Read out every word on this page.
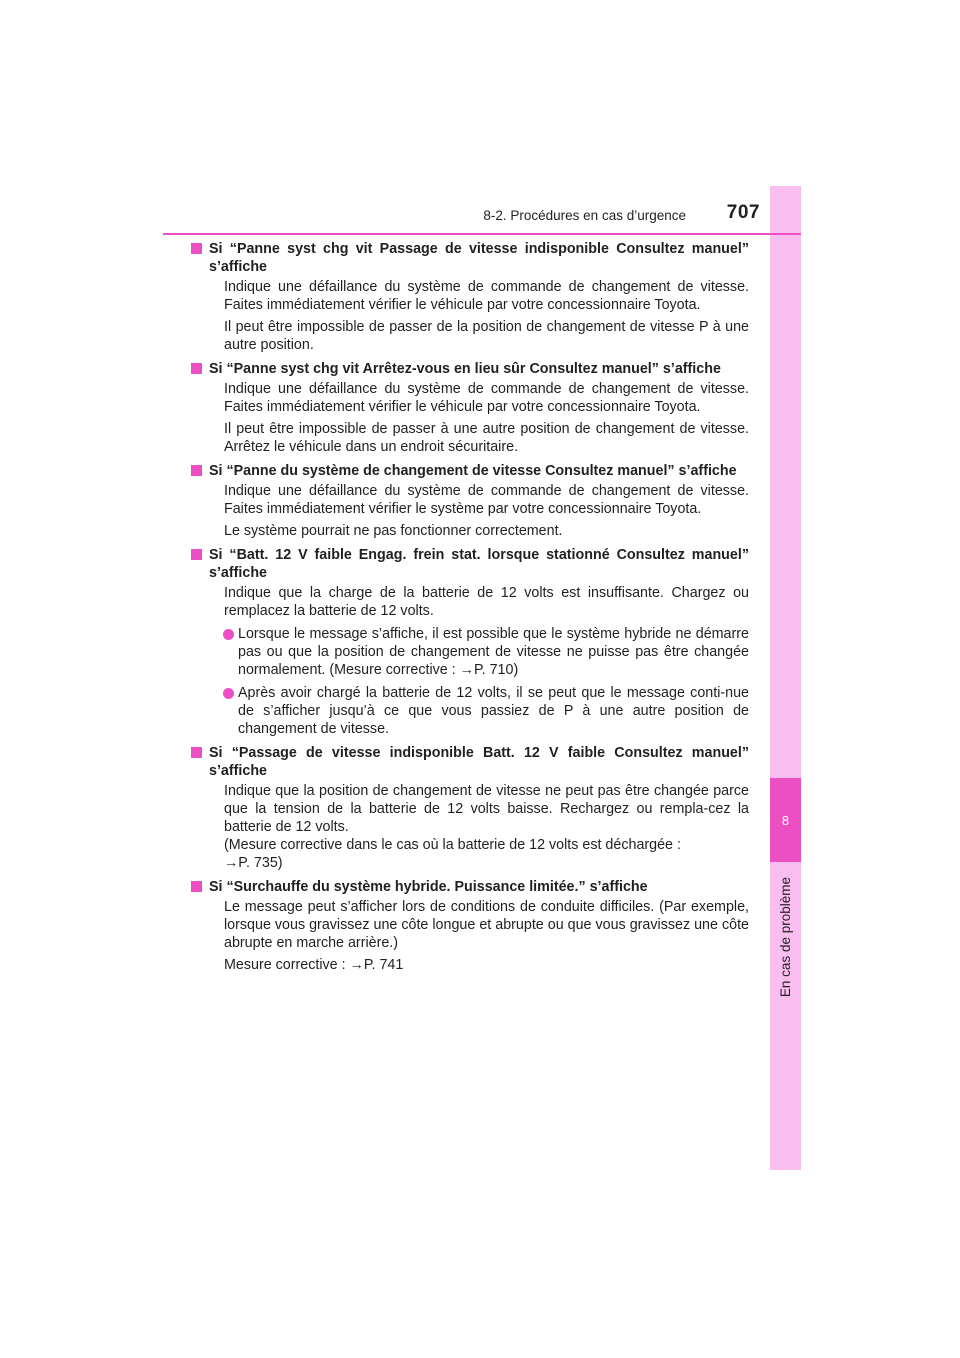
8
En cas de problème
8-2. Procédures en cas d’urgence	707
Si “Panne syst chg vit Passage de vitesse indisponible Consultez manuel” s’affiche
Indique une défaillance du système de commande de changement de vitesse. Faites immédiatement vérifier le véhicule par votre concessionnaire Toyota.
Il peut être impossible de passer de la position de changement de vitesse P à une autre position.
Si “Panne syst chg vit Arrêtez-vous en lieu sûr Consultez manuel” s’affiche
Indique une défaillance du système de commande de changement de vitesse. Faites immédiatement vérifier le véhicule par votre concessionnaire Toyota.
Il peut être impossible de passer à une autre position de changement de vitesse. Arrêtez le véhicule dans un endroit sécuritaire.
Si “Panne du système de changement de vitesse Consultez manuel” s’affiche
Indique une défaillance du système de commande de changement de vitesse. Faites immédiatement vérifier le système par votre concessionnaire Toyota.
Le système pourrait ne pas fonctionner correctement.
Si “Batt. 12 V faible Engag. frein stat. lorsque stationné Consultez manuel” s’affiche
Indique que la charge de la batterie de 12 volts est insuffisante. Chargez ou remplacez la batterie de 12 volts.
Lorsque le message s’affiche, il est possible que le système hybride ne démarre pas ou que la position de changement de vitesse ne puisse pas être changée normalement. (Mesure corrective : →P. 710)
Après avoir chargé la batterie de 12 volts, il se peut que le message conti-nue de s’afficher jusqu’à ce que vous passiez de P à une autre position de changement de vitesse.
Si “Passage de vitesse indisponible Batt. 12 V faible Consultez manuel” s’affiche
Indique que la position de changement de vitesse ne peut pas être changée parce que la tension de la batterie de 12 volts baisse. Rechargez ou rempla-cez la batterie de 12 volts.
(Mesure corrective dans le cas où la batterie de 12 volts est déchargée :
→P. 735)
Si “Surchauffe du système hybride. Puissance limitée.” s’affiche
Le message peut s’afficher lors de conditions de conduite difficiles. (Par exemple, lorsque vous gravissez une côte longue et abrupte ou que vous gravissez une côte abrupte en marche arrière.)
Mesure corrective : →P. 741
